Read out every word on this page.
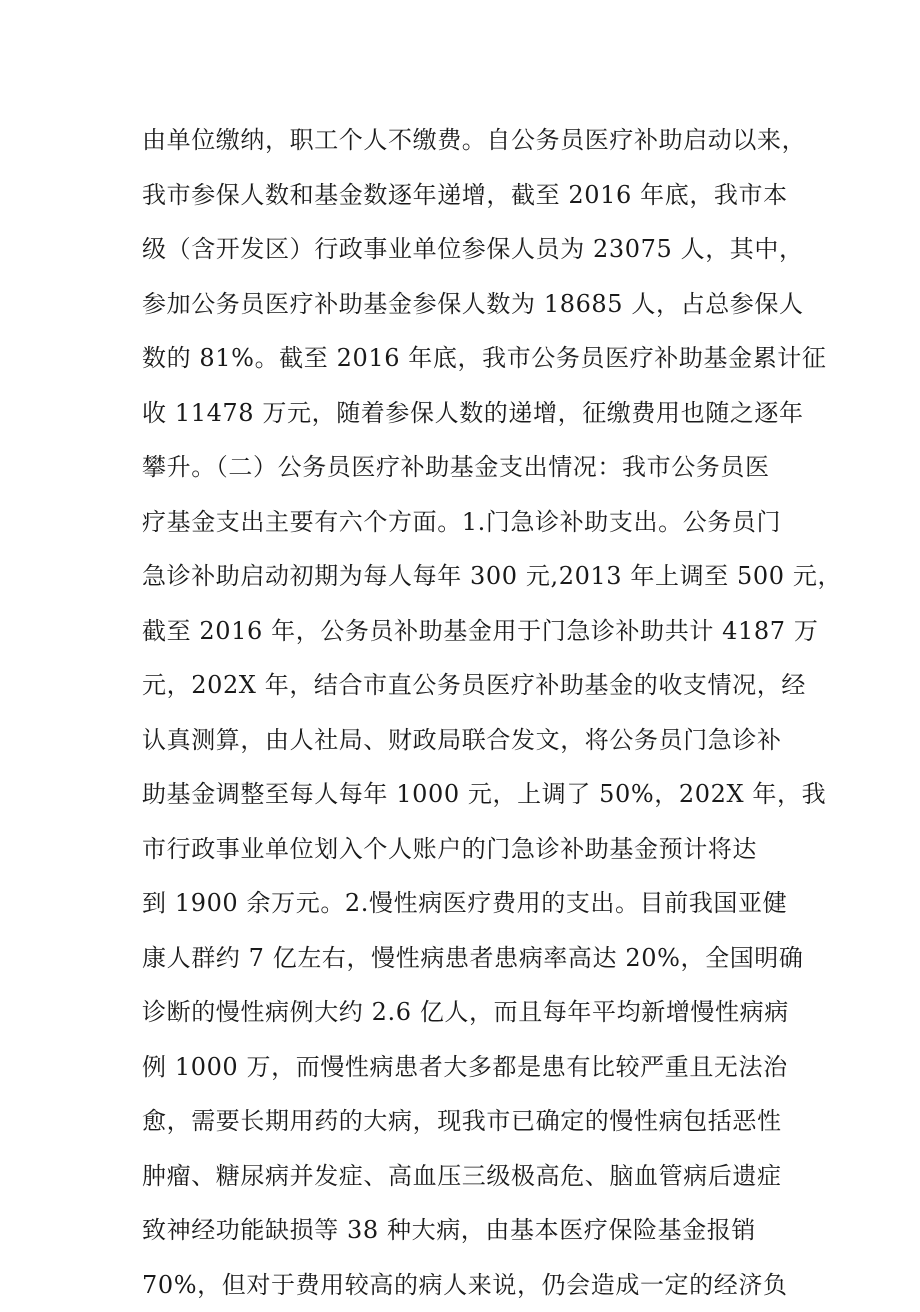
由单位缴纳，职工个人不缴费。自公务员医疗补助启动以来，
我市参保人数和基金数逐年递增，截至 2016 年底，我市本
级（含开发区）行政事业单位参保人员为 23075 人，其中，
参加公务员医疗补助基金参保人数为 18685 人，占总参保人
数的 81%。截至 2016 年底，我市公务员医疗补助基金累计征
收 11478 万元，随着参保人数的递增，征缴费用也随之逐年
攀升。（二）公务员医疗补助基金支出情况：我市公务员医
疗基金支出主要有六个方面。1.门急诊补助支出。公务员门
急诊补助启动初期为每人每年 300 元,2013 年上调至 500 元，
截至 2016 年，公务员补助基金用于门急诊补助共计 4187 万
元，202X 年，结合市直公务员医疗补助基金的收支情况，经
认真测算，由人社局、财政局联合发文，将公务员门急诊补
助基金调整至每人每年 1000 元，上调了 50%，202X 年，我
市行政事业单位划入个人账户的门急诊补助基金预计将达
到 1900 余万元。2.慢性病医疗费用的支出。目前我国亚健
康人群约 7 亿左右，慢性病患者患病率高达 20%，全国明确
诊断的慢性病例大约 2.6 亿人，而且每年平均新增慢性病病
例 1000 万，而慢性病患者大多都是患有比较严重且无法治
愈，需要长期用药的大病，现我市已确定的慢性病包括恶性
肿瘤、糖尿病并发症、高血压三级极高危、脑血管病后遗症
致神经功能缺损等 38 种大病，由基本医疗保险基金报销
70%，但对于费用较高的病人来说，仍会造成一定的经济负
